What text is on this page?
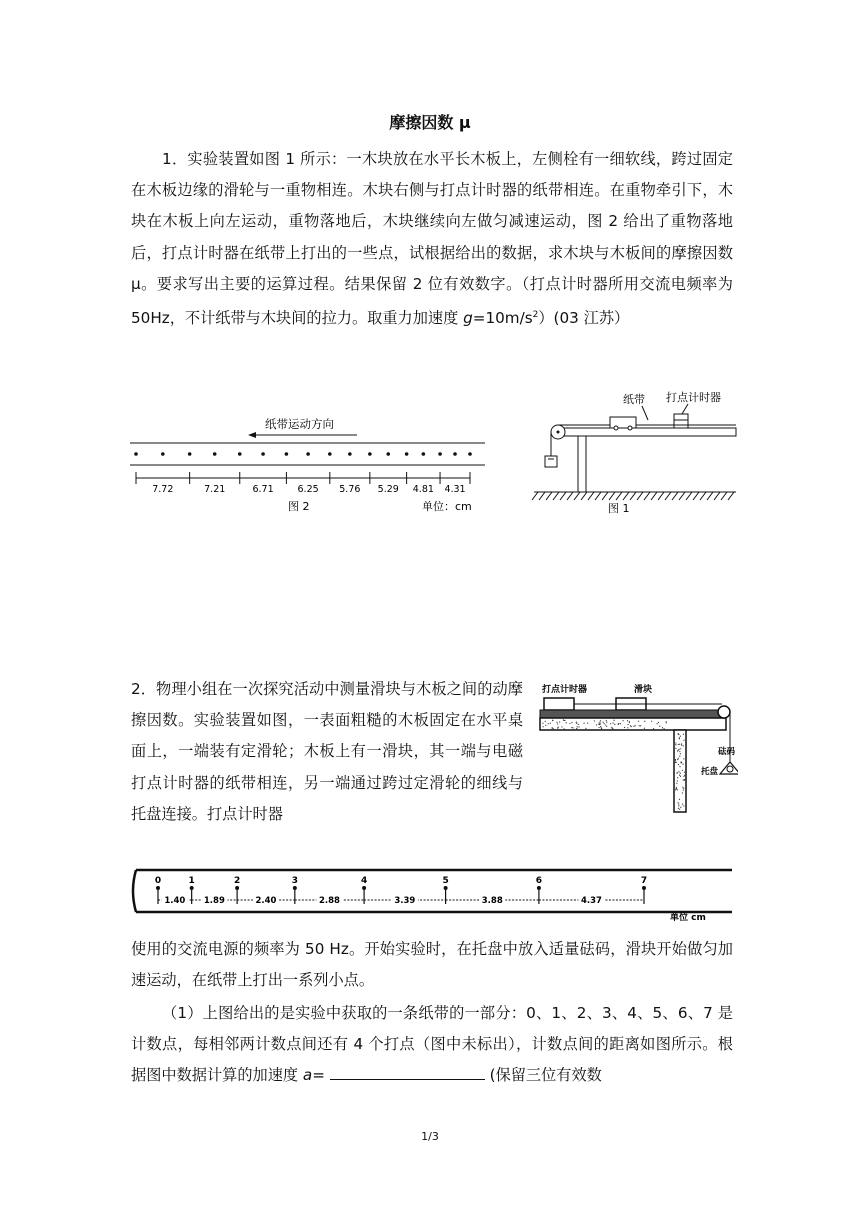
摩擦因数 μ
1．实验装置如图 1 所示：一木块放在水平长木板上，左侧栓有一细软线，跨过固定在木板边缘的滑轮与一重物相连。木块右侧与打点计时器的纸带相连。在重物牵引下，木块在木板上向左运动，重物落地后，木块继续向左做匀减速运动，图 2 给出了重物落地后，打点计时器在纸带上打出的一些点，试根据给出的数据，求木块与木板间的摩擦因数 μ。要求写出主要的运算过程。结果保留 2 位有效数字。（打点计时器所用交流电频率为 50Hz，不计纸带与木块间的拉力。取重力加速度 $g=10m/s^2)(03$ 江苏）
纸带运动方向
7.72	7.21	6.71	6.25 5.76 5.29 4.81 4.31
图 2	单位：cm
纸带 打点计时器
图 1
2．物理小组在一次探究活动中测量滑块与木板之间的动摩擦因数。实验装置如图，一表面粗糙的木板固定在水平桌面上，一端装有定滑轮；木板上有一滑块，其一端与电磁打点计时器的纸带相连，另一端通过跨过定滑轮的细线与托盘连接。打点计时器
打点计时器	滑块
砝码
托盘
0	1	2	3	4	5	6	7
1.40 1.89	2.40	2.88	3.39	3.88	4.37
单位 cm
使用的交流电源的频率为 50 Hz。开始实验时，在托盘中放入适量砝码，滑块开始做匀加速运动，在纸带上打出一系列小点。
（1）上图给出的是实验中获取的一条纸带的一部分：0、1、2、3、4、5、6、7 是计数点，每相邻两计数点间还有 4 个打点（图中未标出），计数点间的距离如图所示。根据图中数据计算的加速度 a=	(保留三位有效数
1/3
